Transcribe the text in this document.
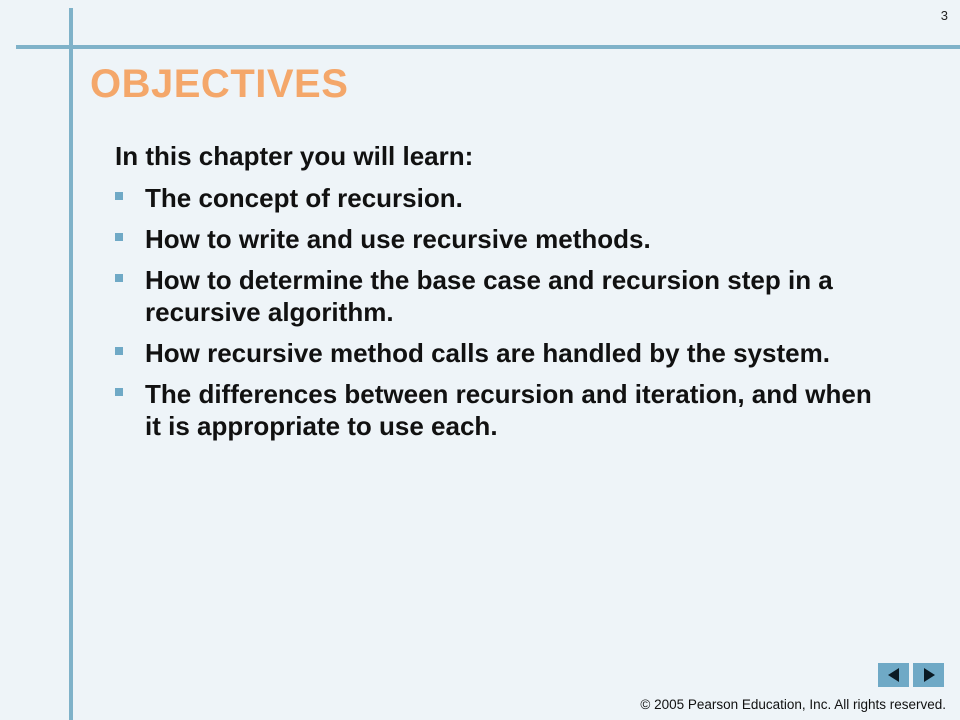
3
OBJECTIVES
In this chapter you will learn:
The concept of recursion.
How to write and use recursive methods.
How to determine the base case and recursion step in a recursive algorithm.
How recursive method calls are handled by the system.
The differences between recursion and iteration, and when it is appropriate to use each.
© 2005 Pearson Education, Inc. All rights reserved.
